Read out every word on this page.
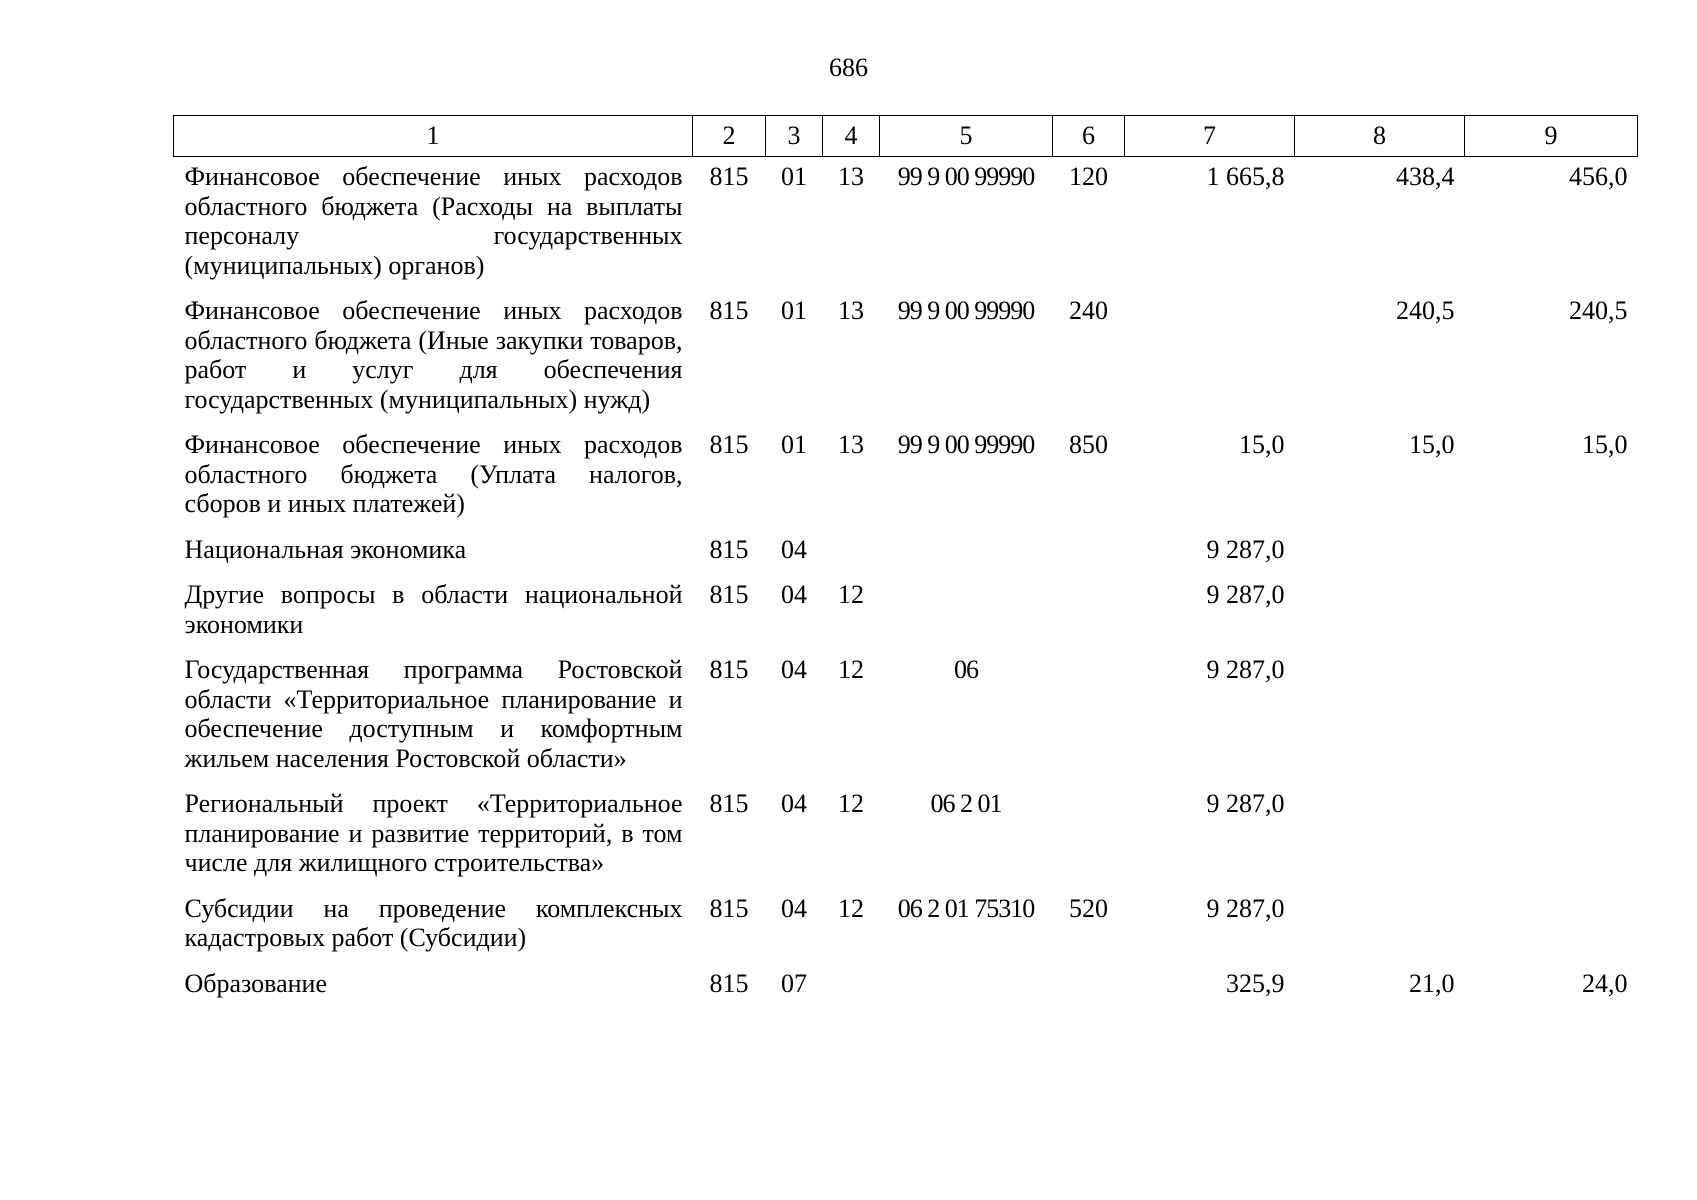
686
1	2	3	4	5	6	7	8	9
Финансовое обеспечение иных расходов областного бюджета (Расходы на выплаты персоналу государственных (муниципальных) органов)	815	01	13	99 9 00 99990	120	1 665,8	438,4	456,0
Финансовое обеспечение иных расходов областного бюджета (Иные закупки товаров, работ и услуг для обеспечения государственных (муниципальных) нужд)	815	01	13	99 9 00 99990	240		240,5	240,5
Финансовое обеспечение иных расходов областного бюджета (Уплата налогов, сборов и иных платежей)	815	01	13	99 9 00 99990	850	15,0	15,0	15,0
Национальная экономика	815	04				9 287,0		
Другие вопросы в области национальной экономики	815	04	12			9 287,0		
Государственная программа Ростовской области «Территориальное планирование и обеспечение доступным и комфортным жильем населения Ростовской области»	815	04	12	06		9 287,0		
Региональный проект «Территориальное планирование и развитие территорий, в том числе для жилищного строительства»	815	04	12	06 2 01		9 287,0		
Субсидии на проведение комплексных кадастровых работ (Субсидии)	815	04	12	06 2 01 75310	520	9 287,0		
Образование	815	07				325,9	21,0	24,0
